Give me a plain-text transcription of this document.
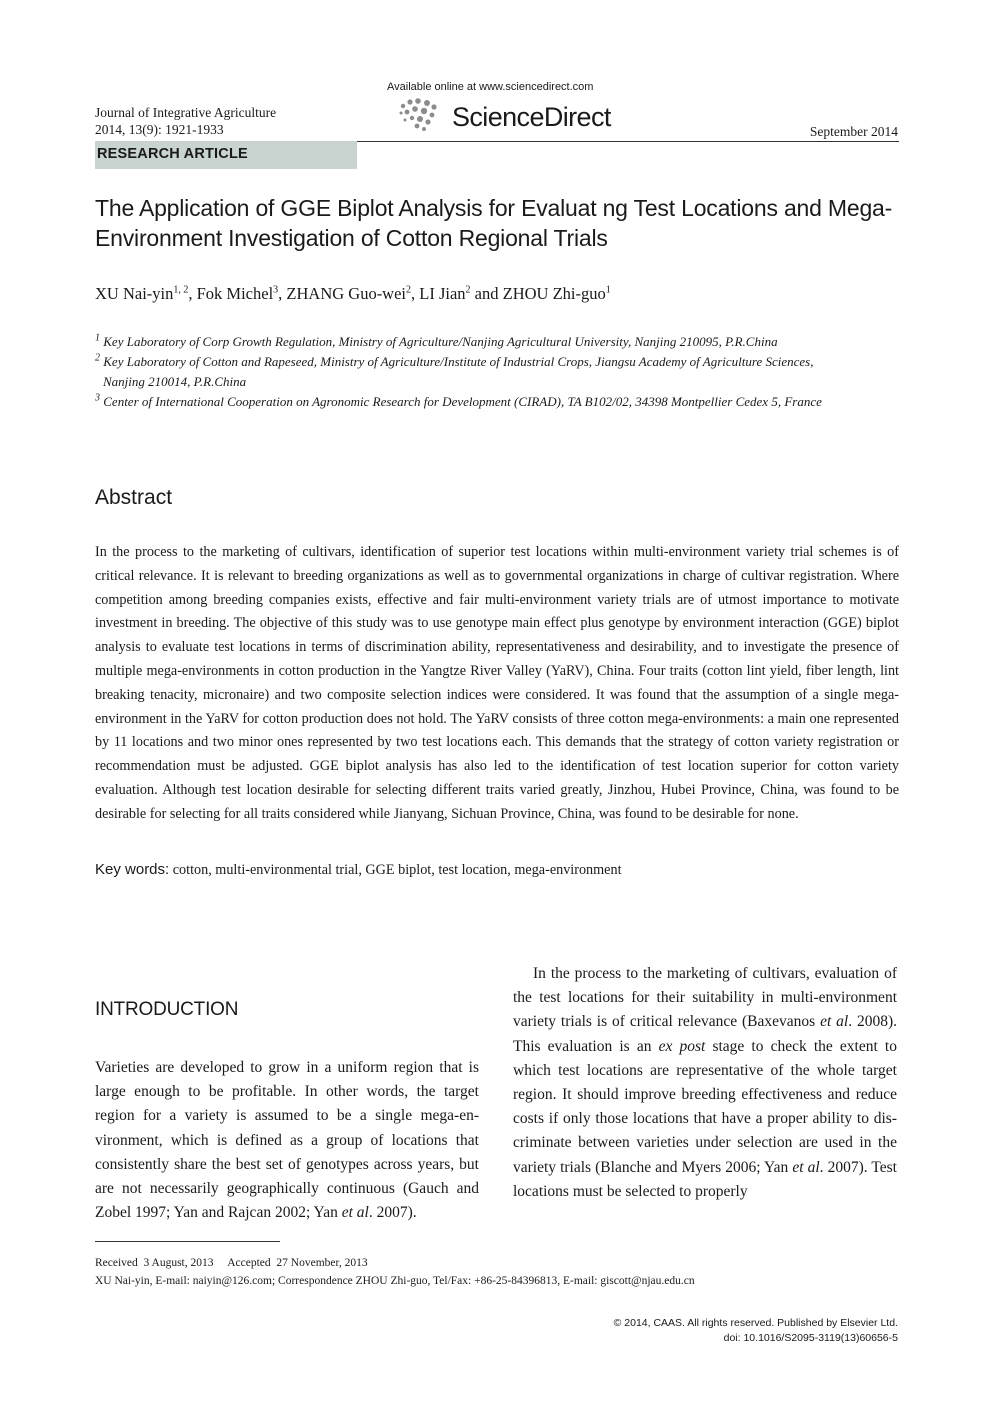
Journal of Integrative Agriculture
2014, 13(9): 1921-1933
Available online at www.sciencedirect.com
ScienceDirect	September 2014
RESEARCH ARTICLE
The Application of GGE Biplot Analysis for Evaluat ng Test Locations and Mega-Environment Investigation of Cotton Regional Trials
XU Nai-yin$^{1, 2}$, Fok Michel$^3$, ZHANG Guo-wei$^2$, LI Jian$^2$ and ZHOU Zhi-guo$^1$
$^1$ Key Laboratory of Corp Growth Regulation, Ministry of Agriculture/Nanjing Agricultural University, Nanjing 210095, P.R.China
$^2$ Key Laboratory of Cotton and Rapeseed, Ministry of Agriculture/Institute of Industrial Crops, Jiangsu Academy of Agriculture Sciences,
Nanjing 210014, P.R.China
$^3$ Center of International Cooperation on Agronomic Research for Development (CIRAD), TA B102/02, 34398 Montpellier Cedex 5, France
Abstract

In the process to the marketing of cultivars, identification of superior test locations within multi-environment variety trial schemes is of critical relevance. It is relevant to breeding organizations as well as to governmental organizations in charge of cultivar registration. Where competition among breeding companies exists, effective and fair multi-environment variety trials are of utmost importance to motivate investment in breeding. The objective of this study was to use genotype main effect plus genotype by environment interaction (GGE) biplot analysis to evaluate test locations in terms of discrimination ability, representativeness and desirability, and to investigate the presence of multiple mega-environments in cotton production in the Yangtze River Valley (YaRV), China. Four traits (cotton lint yield, fiber length, lint breaking tenacity, micronaire) and two composite selection indices were considered. It was found that the assumption of a single mega-environment in the YaRV for cotton production does not hold. The YaRV consists of three cotton mega-environments: a main one represented by 11 locations and two minor ones represented by two test locations each. This demands that the strategy of cotton variety registration or recommendation must be adjusted. GGE biplot analysis has also led to the identification of test location superior for cotton variety evaluation. Although test location desirable for selecting different traits varied greatly, Jinzhou, Hubei Province, China, was found to be desirable for selecting for all traits considered while Jianyang, Sichuan Province, China, was found to be desirable for none.

Key words: cotton, multi-environmental trial, GGE biplot, test location, mega-environment
INTRODUCTION

Varieties are developed to grow in a uniform region that is large enough to be profitable. In other words, the target region for a variety is assumed to be a single mega-environment, which is defined as a group of locations that consistently share the best set of genotypes across years, but are not necessarily geographically continuous (Gauch and Zobel 1997; Yan and Rajcan 2002; Yan et al. 2007).

In the process to the marketing of cultivars, evaluation of the test locations for their suitability in multi-environment variety trials is of critical relevance (Baxevanos et al. 2008). This evaluation is an ex post stage to check the extent to which test locations are representative of the whole target region. It should improve breeding effectiveness and reduce costs if only those locations that have a proper ability to discriminate between varieties under selection are used in the variety trials (Blanche and Myers 2006; Yan et al. 2007). Test locations must be selected to properly

Received  3 August, 2013     Accepted  27 November, 2013
XU Nai-yin, E-mail: naiyin@126.com; Correspondence ZHOU Zhi-guo, Tel/Fax: +86-25-84396813, E-mail: giscott@njau.edu.cn
© 2014, CAAS. All rights reserved. Published by Elsevier Ltd.
doi: 10.1016/S2095-3119(13)60656-5
